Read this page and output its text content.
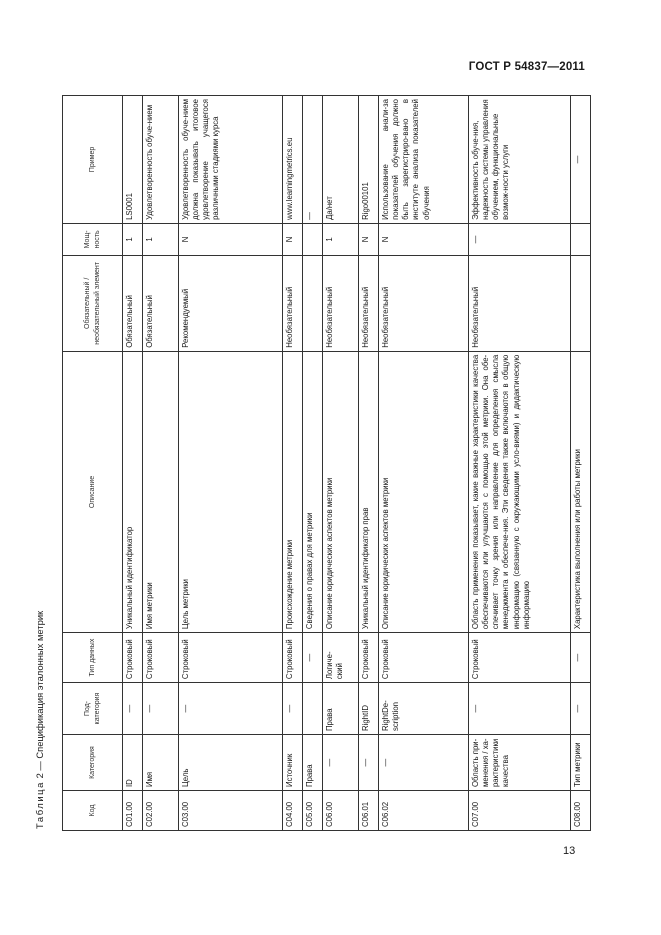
ГОСТ Р 54837—2011
Таблица 2 — Спецификация эталонных метрик
Код	Категория	Под-категория	Тип данных	Описание	Обязательный / необязательный элемент	Мощ-ность	Пример
C01.00	ID	—	Строковый	Уникальный идентификатор	Обязательный	1	LS0001
C02.00	Имя	—	Строковый	Имя метрики	Обязательный	1	Удовлетворенность обуче-нием
C03.00	Цель	—	Строковый	Цель метрики	Рекомендуемый	N	Удовлетворенность обуче-нием должна показывать итоговое удовлетворение учащегося различными стадиями курса
C04.00	Источник	—	Строковый	Происхождение метрики	Необязательный	N	www.learningmetrics.eu
C05.00	Права		—	Сведения о правах для метрики			—
C06.00	—	Права	Логиче-ский	Описание юридических аспектов метрики	Необязательный	1	Да/нет
C06.01	—	RightID	Строковый	Уникальный идентификатор прав	Необязательный	N	Rigo00101
C06.02	—	RightDe-scription	Строковый	Описание юридических аспектов метрики	Необязательный	N	Использование анали-за показателей обучения должно быть зарегистриро-вано в институте анализа показателей обучения
C07.00	Область при-менения / ха-рактеристики качества	—	Строковый	Область применения показывает, какие важные характеристики качества обеспечиваются или улучшаются с помощью этой метрики. Она обе-спечивает точку зрения или направление для определения смысла менеджмента и обеспече-ния. Эти сведения также включаются в общую информацию (связанную с окружающими усло-виями) и дидактическую информацию	Необязательный	—	Эффективность обуче-ния, надежность системы управления обучением, функциональные возмож-ности услуги
C08.00	Тип метрики	—	—	Характеристика выполнения или работы метрики			—
13
